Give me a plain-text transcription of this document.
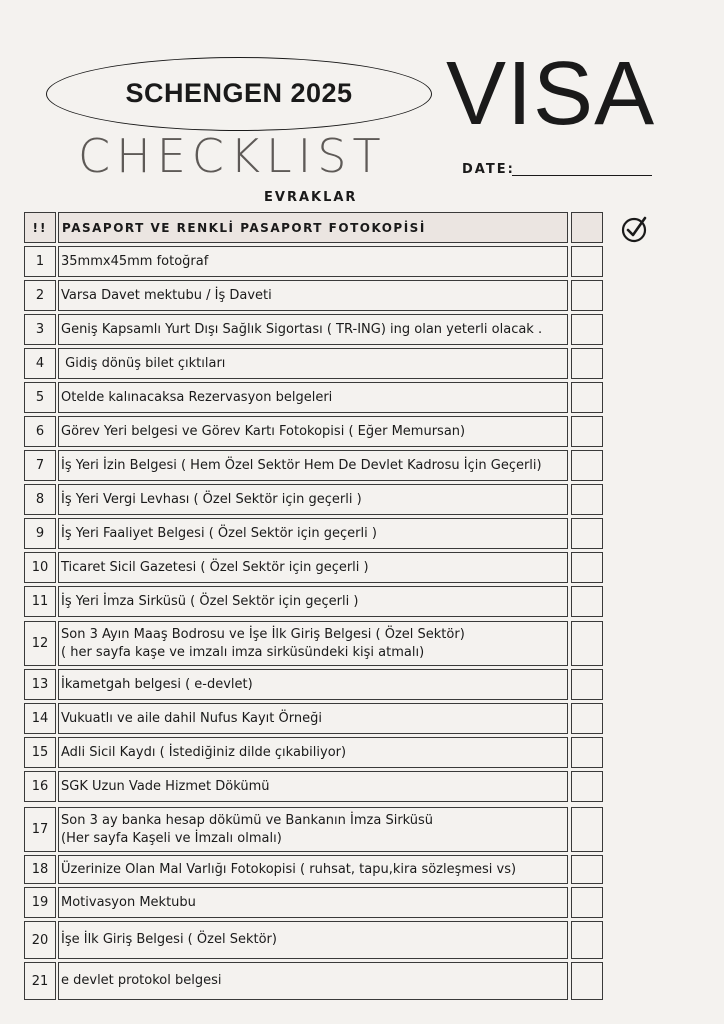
SCHENGEN 2025	VISA
CHECKLIST	DATE:
EVRAKLAR
!!	PASAPORT VE RENKLİ PASAPORT FOTOKOPİSİ
1	35mmx45mm fotoğraf
2	Varsa Davet mektubu / İş Daveti
3	Geniş Kapsamlı Yurt Dışı Sağlık Sigortası ( TR-ING) ing olan yeterli olacak .
4	Gidiş dönüş bilet çıktıları
5	Otelde kalınacaksa Rezervasyon belgeleri
6	Görev Yeri belgesi ve Görev Kartı Fotokopisi ( Eğer Memursan)
7	İş Yeri İzin Belgesi ( Hem Özel Sektör Hem De Devlet Kadrosu İçin Geçerli)
8	İş Yeri Vergi Levhası ( Özel Sektör için geçerli )
9	İş Yeri Faaliyet Belgesi ( Özel Sektör için geçerli )
10 Ticaret Sicil Gazetesi ( Özel Sektör için geçerli )
11 İş Yeri İmza Sirküsü ( Özel Sektör için geçerli )
12
Son 3 Ayın Maaş Bodrosu ve İşe İlk Giriş Belgesi ( Özel Sektör)
( her sayfa kaşe ve imzalı imza sirküsündeki kişi atmalı)
13 İkametgah belgesi ( e-devlet)
14 Vukuatlı ve aile dahil Nufus Kayıt Örneği
15 Adli Sicil Kaydı ( İstediğiniz dilde çıkabiliyor)
16 SGK Uzun Vade Hizmet Dökümü
17
Son 3 ay banka hesap dökümü ve Bankanın İmza Sirküsü
(Her sayfa Kaşeli ve İmzalı olmalı)
18 Üzerinize Olan Mal Varlığı Fotokopisi ( ruhsat, tapu,kira sözleşmesi vs)
19 Motivasyon Mektubu
20 İşe İlk Giriş Belgesi ( Özel Sektör)
21 e devlet protokol belgesi
